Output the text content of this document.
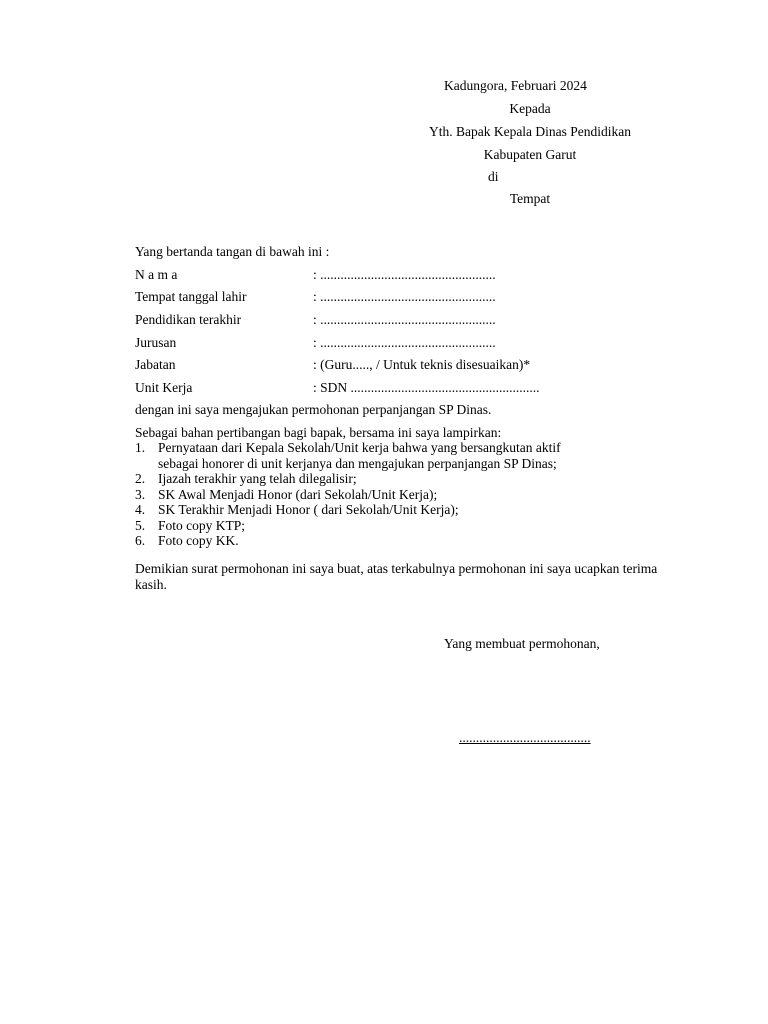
Kadungora, Februari 2024
Kepada
Yth. Bapak Kepala Dinas Pendidikan
Kabupaten Garut
di
Tempat
Yang bertanda tangan di bawah ini :
N a m a	: ....................................................
Tempat tanggal lahir	: ....................................................
Pendidikan terakhir	: ....................................................
Jurusan	: ....................................................
Jabatan	: (Guru....., / Untuk teknis disesuaikan)*
Unit Kerja	: SDN ........................................................
dengan ini saya mengajukan permohonan perpanjangan SP Dinas.
Sebagai bahan pertibangan bagi bapak, bersama ini saya lampirkan:
1. Pernyataan dari Kepala Sekolah/Unit kerja bahwa yang bersangkutan aktif
sebagai honorer di unit kerjanya dan mengajukan perpanjangan SP Dinas;
2. Ijazah terakhir yang telah dilegalisir;
3. SK Awal Menjadi Honor (dari Sekolah/Unit Kerja);
4. SK Terakhir Menjadi Honor ( dari Sekolah/Unit Kerja);
5. Foto copy KTP;
6. Foto copy KK.
Demikian surat permohonan ini saya buat, atas terkabulnya permohonan ini saya ucapkan terima kasih.
Yang membuat permohonan,
.......................................
